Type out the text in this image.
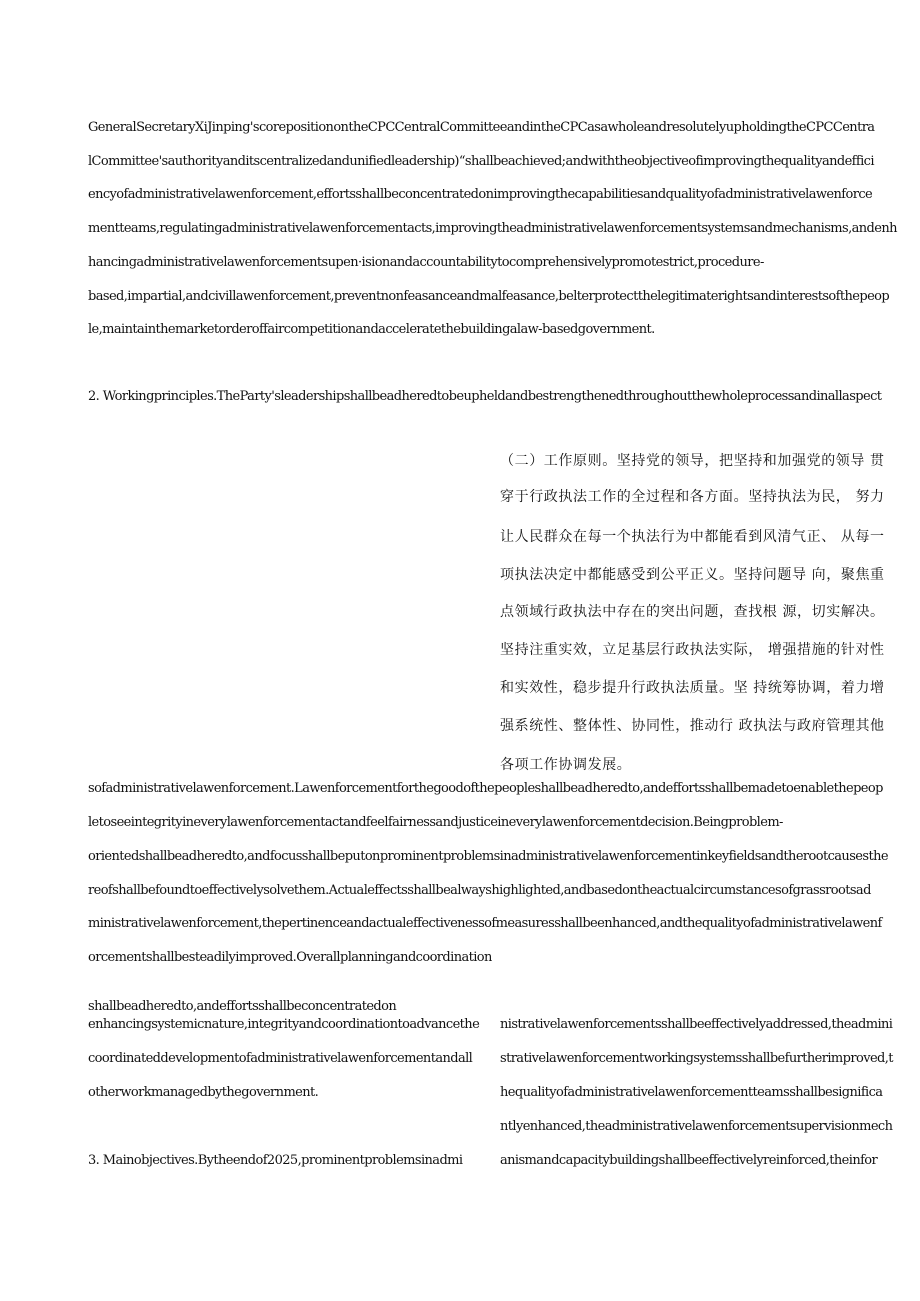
GeneralSecretaryXiJinping'scorepositionontheCPCCentralCommitteeandintheCPCasawholeandresolutelyupholdingtheCPCCentra
lCommittee'sauthorityanditscentralizedandunifiedleadership)“shallbeachieved;andwiththeobjectiveofimprovingthequalityandeffici
encyofadministrativelawenforcement,effortsshallbeconcentratedonimprovingthecapabilitiesandqualityofadministrativelawenforce
mentteams,regulatingadministrativelawenforcementacts,improvingtheadministrativelawenforcementsystemsandmechanisms,andenh
hancingadministrativelawenforcementsupen·isionandaccountabilitytocomprehensivelypromotestrict,procedure-
based,impartial,andcivillawenforcement,preventnonfeasanceandmalfeasance,belterprotectthelegitimaterightsandinterestsofthepeop
le,maintainthemarketorderoffaircompetitionandacceleratethebuildingalaw-basedgovernment.
2. Workingprinciples.TheParty'sleadershipshallbeadheredtobeupheldandbestrengthenedthroughoutthewholeprocessandinallaspect
（二）工作原则。坚持党的领导，把坚持和加强党的领导 贯
穿于行政执法工作的全过程和各方面。坚持执法为民， 努力
让人民群众在每一个执法行为中都能看到风清气正、 从每一
项执法决定中都能感受到公平正义。坚持问题导 向，聚焦重
点领域行政执法中存在的突出问题，查找根 源，切实解决。
坚持注重实效，立足基层行政执法实际， 增强措施的针对性
和实效性，稳步提升行政执法质量。坚 持统筹协调，着力增
强系统性、整体性、协同性，推动行 政执法与政府管理其他
各项工作协调发展。
sofadministrativelawenforcement.Lawenforcementforthegoodofthepeopleshallbeadheredto,andeffortsshallbemadetoenablethepeop
letoseeintegrityineverylawenforcementactandfeelfairnessandjusticeineverylawenforcementdecision.Beingproblem-
orientedshallbeadheredto,andfocusshallbeputonprominentproblemsinadministrativelawenforcementinkeyfieldsandtherootcausesthe
reofshallbefoundtoeffectivelysolvethem.Actualeffectsshallbealwayshighlighted,andbasedontheactualcircumstancesofgrassrootsad
ministrativelawenforcement,thepertinenceandactualeffectivenessofmeasuresshallbeenhanced,andthequalityofadministrativelawenf
orcementshallbesteadilyimproved.Overallplanningandcoordination
shallbeadheredto,andeffortsshallbeconcentratedon
enhancingsystemicnature,integrityandcoordinationtoadvancethe
coordinateddevelopmentofadministrativelawenforcementandall
otherworkmanagedbythegovernment.
3. Mainobjectives.Bytheendof2025,prominentproblemsinadmi
nistrativelawenforcementsshallbeeffectivelyaddressed,theadmini
strativelawenforcementworkingsystemsshallbefurtherimproved,t
hequalityofadministrativelawenforcementteamsshallbesignifica
ntlyenhanced,theadministrativelawenforcementsupervisionmech
anismandcapacitybuildingshallbeeffectivelyreinforced,theinfor
